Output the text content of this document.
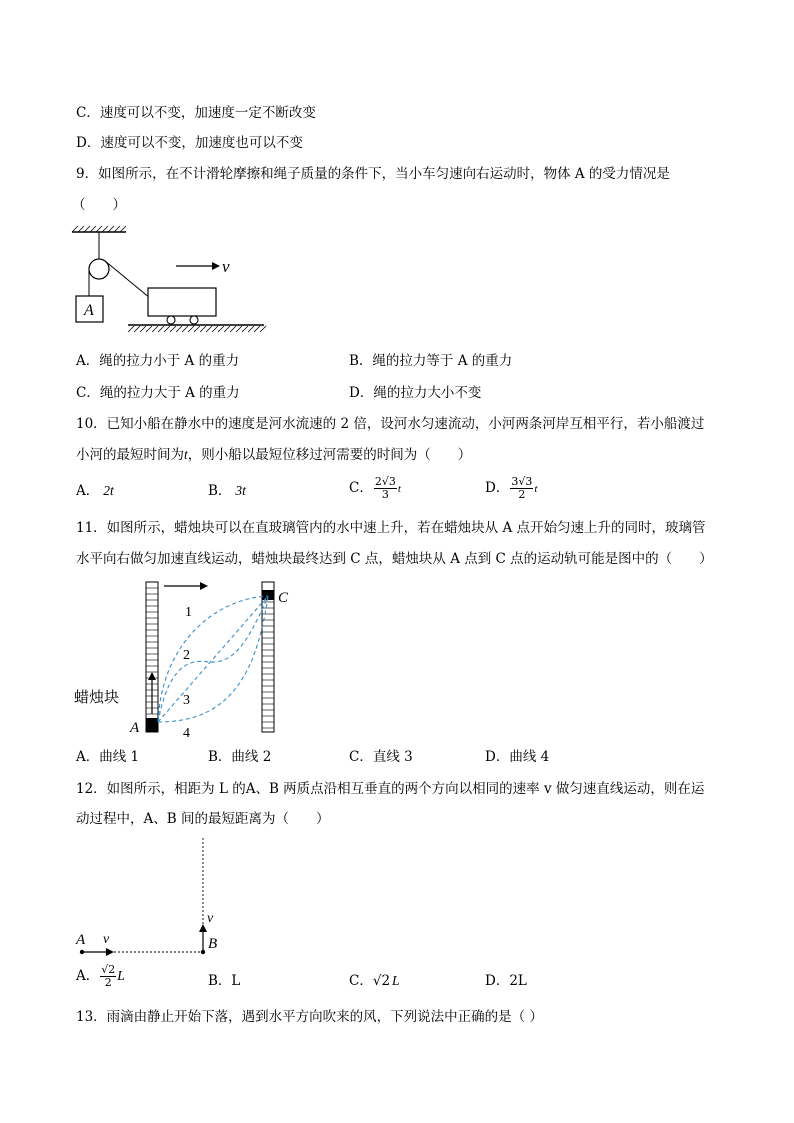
C．速度可以不变，加速度一定不断改变
D．速度可以不变，加速度也可以不变
9．如图所示，在不计滑轮摩擦和绳子质量的条件下，当小车匀速向右运动时，物体 A 的受力情况是
（　　）
A
v
A．绳的拉力小于 A 的重力	B．绳的拉力等于 A 的重力
C．绳的拉力大于 A 的重力	D．绳的拉力大小不变
10．已知小船在静水中的速度是河水流速的 2 倍，设河水匀速流动，小河两条河岸互相平行，若小船渡过
小河的最短时间为t，则小船以最短位移过河需要的时间为（　　）
A． 2t	B． 3t	C． $\frac{2√3}{3}$ t	D． $\frac{3√3}{2}$ t
11．如图所示，蜡烛块可以在直玻璃管内的水中速上升，若在蜡烛块从 A 点开始匀速上升的同时，玻璃管
水平向右做匀加速直线运动，蜡烛块最终达到 C 点，蜡烛块从 A 点到 C 点的运动轨可能是图中的（　　）
1
2
3
4
C
A
蜡烛块
A．曲线 1	B．曲线 2	C．直线 3	D．曲线 4
12．如图所示，相距为 L 的A、B 两质点沿相互垂直的两个方向以相同的速率 v 做匀速直线运动，则在运
动过程中，A、B 间的最短距离为（　　）
A v	B
v
A． $\frac{√2}{2}$ L	B．L	C．√2 L	D．2L
13．雨滴由静止开始下落，遇到水平方向吹来的风，下列说法中正确的是（ ）
